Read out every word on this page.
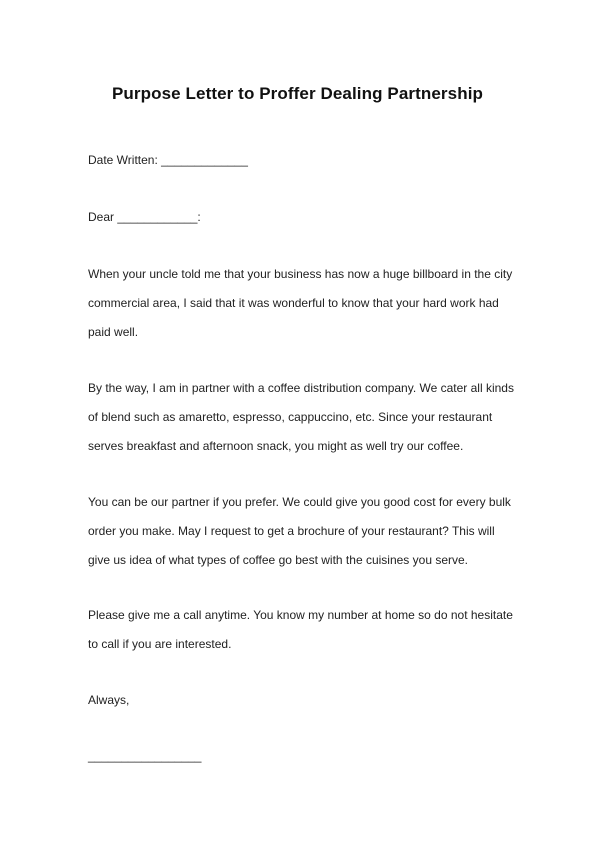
Purpose Letter to Proffer Dealing Partnership
Date Written: _____________
Dear ____________:
When your uncle told me that your business has now a huge billboard in the city
commercial area, I said that it was wonderful to know that your hard work had
paid well.
By the way, I am in partner with a coffee distribution company. We cater all kinds
of blend such as amaretto, espresso, cappuccino, etc. Since your restaurant
serves breakfast and afternoon snack, you might as well try our coffee.
You can be our partner if you prefer. We could give you good cost for every bulk
order you make. May I request to get a brochure of your restaurant? This will
give us idea of what types of coffee go best with the cuisines you serve.
Please give me a call anytime. You know my number at home so do not hesitate
to call if you are interested.
Always,
_________________
